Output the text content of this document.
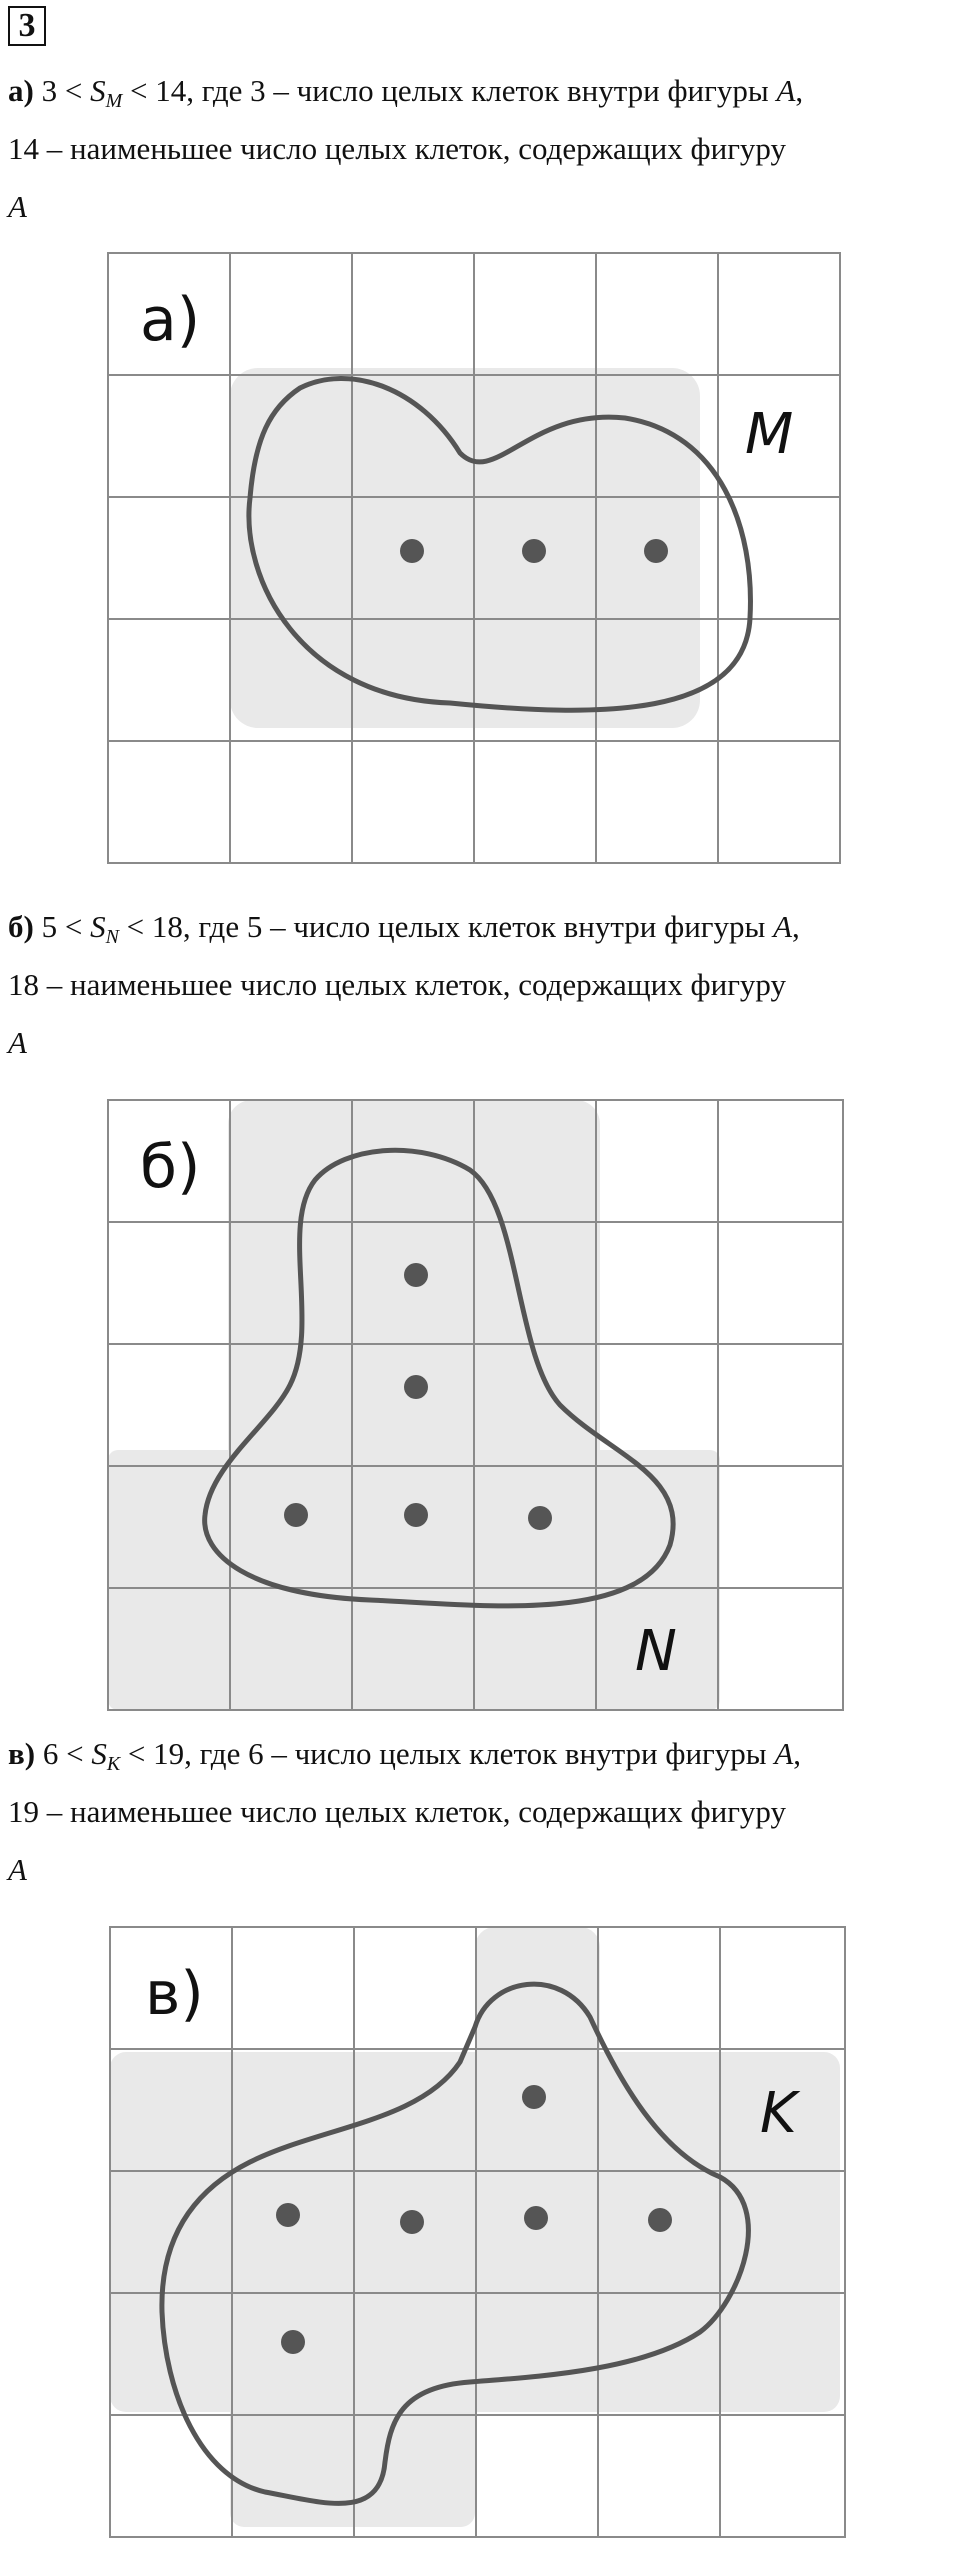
3
а) $3 < S_M < 14$, где 3 – число целых клеток внутри фигуры A,
14 – наименьшее число целых клеток, содержащих фигуру
A
а)
M
б) $5 < S_N < 18$, где 5 – число целых клеток внутри фигуры A,
18 – наименьшее число целых клеток, содержащих фигуру
A
б)
N
в) $6 < S_K < 19$, где 6 – число целых клеток внутри фигуры A,
19 – наименьшее число целых клеток, содержащих фигуру
A
в)
K
